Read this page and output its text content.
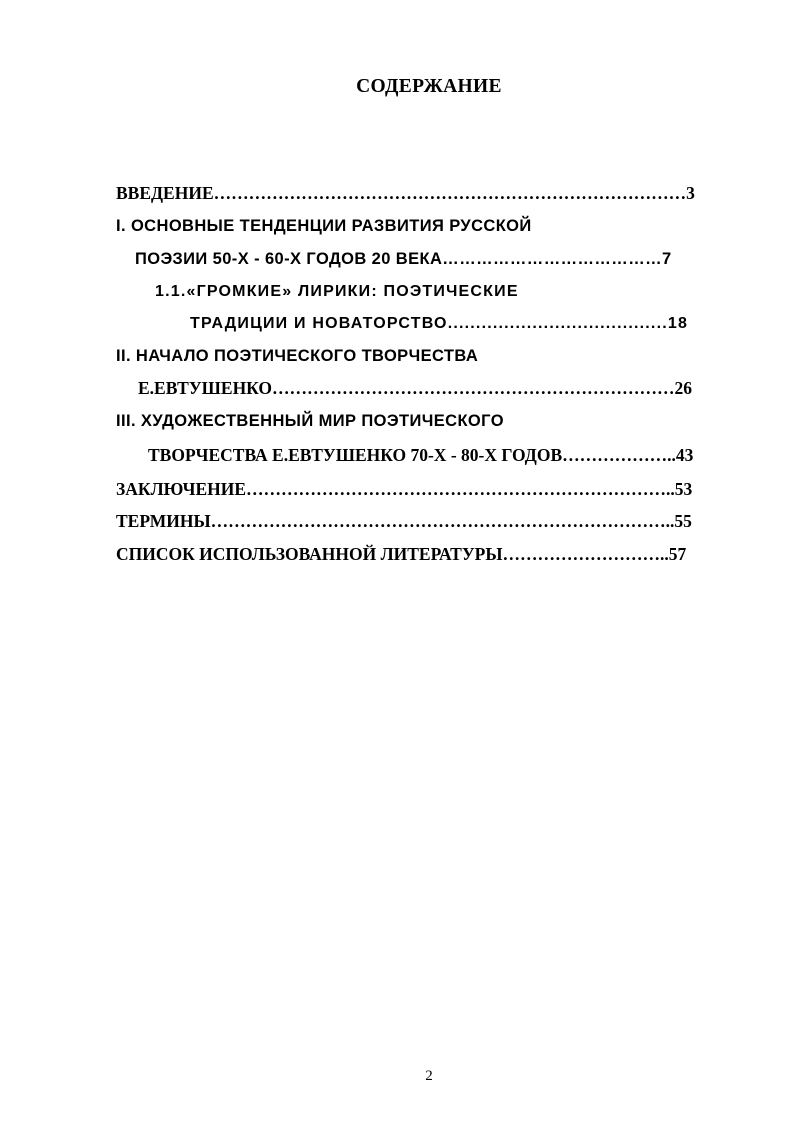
СОДЕРЖАНИЕ
ВВЕДЕНИЕ………………………………………………………………………3
I. ОСНОВНЫЕ ТЕНДЕНЦИИ РАЗВИТИЯ РУССКОЙ
ПОЭЗИИ 50-Х - 60-Х ГОДОВ 20 ВЕКА…………………………………7
1.1.«ГРОМКИЕ» ЛИРИКИ: ПОЭТИЧЕСКИЕ
ТРАДИЦИИ И НОВАТОРСТВО.......................................18
II. НАЧАЛО ПОЭТИЧЕСКОГО ТВОРЧЕСТВА
Е.ЕВТУШЕНКО……………………………………………………………26
III. ХУДОЖЕСТВЕННЫЙ МИР ПОЭТИЧЕСКОГО
ТВОРЧЕСТВА Е.ЕВТУШЕНКО 70-Х - 80-Х ГОДОВ………………..43
ЗАКЛЮЧЕНИЕ………………………………………………………………..53
ТЕРМИНЫ……………………………………………………………………..55
СПИСОК ИСПОЛЬЗОВАННОЙ ЛИТЕРАТУРЫ………………………..57
2
